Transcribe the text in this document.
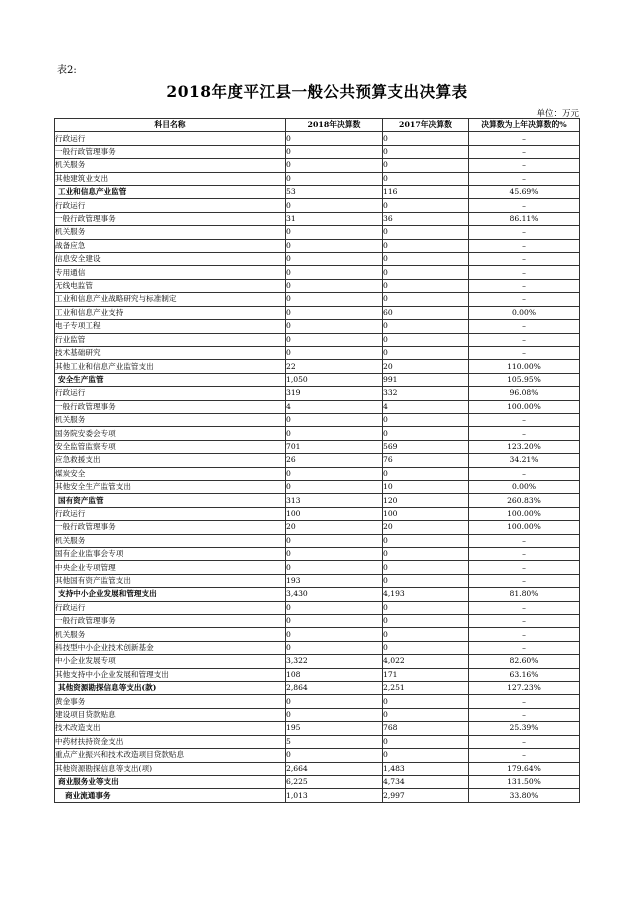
表2:
2018年度平江县一般公共预算支出决算表
单位：万元
科目名称	2018年决算数	2017年决算数	决算数为上年决算数的%
行政运行	0	0	–
一般行政管理事务	0	0	–
机关服务	0	0	–
其他建筑业支出	0	0	–
工业和信息产业监管	53	116	45.69%
行政运行	0	0	–
一般行政管理事务	31	36	86.11%
机关服务	0	0	–
战备应急	0	0	–
信息安全建设	0	0	–
专用通信	0	0	–
无线电监管	0	0	–
工业和信息产业战略研究与标准制定	0	0	–
工业和信息产业支持	0	60	0.00%
电子专项工程	0	0	–
行业监管	0	0	–
技术基础研究	0	0	–
其他工业和信息产业监管支出	22	20	110.00%
安全生产监管	1,050	991	105.95%
行政运行	319	332	96.08%
一般行政管理事务	4	4	100.00%
机关服务	0	0	–
国务院安委会专项	0	0	–
安全监管监察专项	701	569	123.20%
应急救援支出	26	76	34.21%
煤炭安全	0	0	–
其他安全生产监管支出	0	10	0.00%
国有资产监管	313	120	260.83%
行政运行	100	100	100.00%
一般行政管理事务	20	20	100.00%
机关服务	0	0	–
国有企业监事会专项	0	0	–
中央企业专项管理	0	0	–
其他国有资产监管支出	193	0	–
支持中小企业发展和管理支出	3,430	4,193	81.80%
行政运行	0	0	–
一般行政管理事务	0	0	–
机关服务	0	0	–
科技型中小企业技术创新基金	0	0	–
中小企业发展专项	3,322	4,022	82.60%
其他支持中小企业发展和管理支出	108	171	63.16%
其他资源勘探信息等支出(款)	2,864	2,251	127.23%
黄金事务	0	0	–
建设项目贷款贴息	0	0	–
技术改造支出	195	768	25.39%
中药材扶持资金支出	5	0	–
重点产业振兴和技术改造项目贷款贴息	0	0	–
其他资源勘探信息等支出(项)	2,664	1,483	179.64%
商业服务业等支出	6,225	4,734	131.50%
商业流通事务	1,013	2,997	33.80%
